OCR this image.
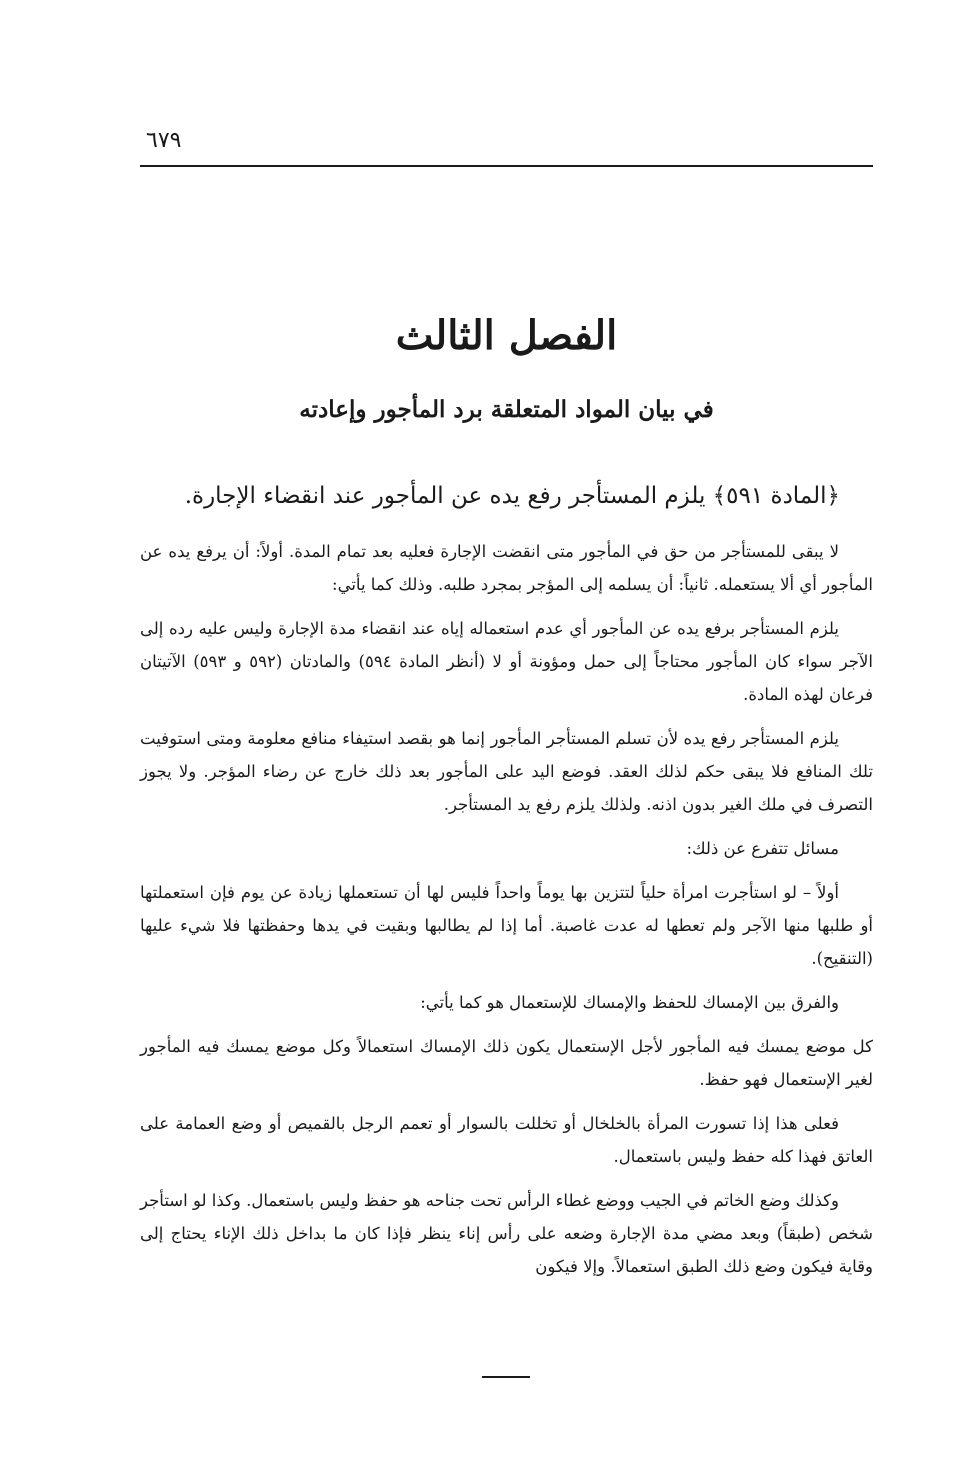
٦٧٩
الفصل الثالث
في بيان المواد المتعلقة برد المأجور وإعادته
﴿المادة ٥٩١﴾ يلزم المستأجر رفع يده عن المأجور عند انقضاء الإجارة.

لا يبقى للمستأجر من حق في المأجور متى انقضت الإجارة فعليه بعد تمام المدة. أولاً: أن يرفع يده عن المأجور أي ألا يستعمله. ثانياً: أن يسلمه إلى المؤجر بمجرد طلبه. وذلك كما يأتي:

يلزم المستأجر برفع يده عن المأجور أي عدم استعماله إياه عند انقضاء مدة الإجارة وليس عليه رده إلى الآجر سواء كان المأجور محتاجاً إلى حمل ومؤونة أو لا (أنظر المادة ٥٩٤) والمادتان (٥٩٢ و ٥٩٣) الآتيتان فرعان لهذه المادة.

يلزم المستأجر رفع يده لأن تسلم المستأجر المأجور إنما هو بقصد استيفاء منافع معلومة ومتى استوفيت تلك المنافع فلا يبقى حكم لذلك العقد. فوضع اليد على المأجور بعد ذلك خارج عن رضاء المؤجر. ولا يجوز التصرف في ملك الغير بدون اذنه. ولذلك يلزم رفع يد المستأجر.

مسائل تتفرع عن ذلك:

أولاً – لو استأجرت امرأة حلياً لتتزين بها يوماً واحداً فليس لها أن تستعملها زيادة عن يوم فإن استعملتها أو طلبها منها الآجر ولم تعطها له عدت غاصبة. أما إذا لم يطالبها وبقيت في يدها وحفظتها فلا شيء عليها (التنقيح).

والفرق بين الإمساك للحفظ والإمساك للإستعمال هو كما يأتي:

كل موضع يمسك فيه المأجور لأجل الإستعمال يكون ذلك الإمساك استعمالاً وكل موضع يمسك فيه المأجور لغير الإستعمال فهو حفظ.

فعلى هذا إذا تسورت المرأة بالخلخال أو تخللت بالسوار أو تعمم الرجل بالقميص أو وضع العمامة على العاتق فهذا كله حفظ وليس باستعمال.

وكذلك وضع الخاتم في الجيب ووضع غطاء الرأس تحت جناحه هو حفظ وليس باستعمال. وكذا لو استأجر شخص (طبقاً) وبعد مضي مدة الإجارة وضعه على رأس إناء ينظر فإذا كان ما بداخل ذلك الإناء يحتاج إلى وقاية فيكون وضع ذلك الطبق استعمالاً. وإلا فيكون
